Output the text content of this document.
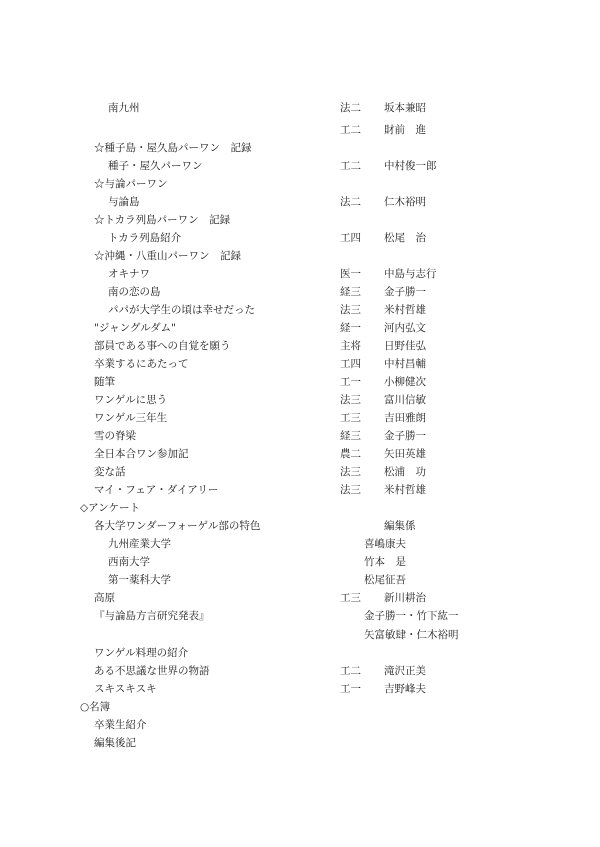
南九州	法二 坂本兼昭
工二 財前　進
☆種子島・屋久島パーワン　記録
種子・屋久パーワン	工二 中村俊一郎
☆与論パーワン
与論島	法二 仁木裕明
☆トカラ列島パーワン　記録
トカラ列島紹介	工四 松尾　治
☆沖縄・八重山パーワン　記録
オキナワ	医一 中島与志行
南の恋の島	経三 金子勝一
パパが大学生の頃は幸せだった	法三 米村哲雄
"ジャングルダム"	経一 河内弘文
部員である事への自覚を願う	主将 日野佳弘
卒業するにあたって	工四 中村昌輔
随筆	工一 小柳健次
ワンゲルに思う	法三 富川信敏
ワンゲル三年生	工三 吉田雅朗
雪の脊梁	経三 金子勝一
全日本合ワン参加記	農二 矢田英雄
変な話	法三 松浦　功
マイ・フェア・ダイアリー	法三 米村哲雄
◇アンケート
各大学ワンダーフォーゲル部の特色	編集係
九州産業大学	喜嶋康夫
西南大学	竹本　是
第一薬科大学	松尾征吾
高原	工三 新川耕治
『与論島方言研究発表』	金子勝一・竹下紘一
矢富敏肆・仁木裕明
ワンゲル料理の紹介
ある不思議な世界の物語	工二 滝沢正美
スキスキスキ	工一 吉野峰夫
○名簿
卒業生紹介
編集後記
